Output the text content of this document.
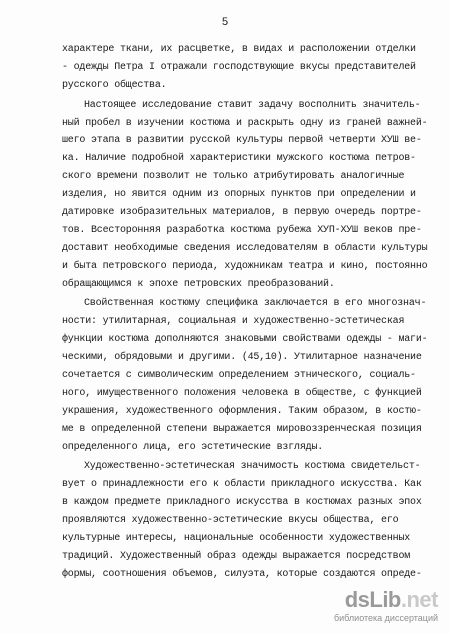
5
характере ткани, их расцветке, в видах и расположении отделки
- одежды Петра I отражали господствующие вкусы представителей
русского общества.
Настоящее исследование ставит задачу восполнить значитель-
ный пробел в изучении костюма и раскрыть одну из граней важней-
шего этапа в развитии русской культуры первой четверти ХУШ ве-
ка. Наличие подробной характеристики мужского костюма петров-
ского времени позволит не только атрибутировать аналогичные
изделия, но явится одним из опорных пунктов при определении и
датировке изобразительных материалов, в первую очередь портре-
тов. Всесторонняя разработка костюма рубежа ХУП-ХУШ веков пре-
доставит необходимые сведения исследователям в области культуры
и быта петровского периода, художникам театра и кино, постоянно
обращающимся к эпохе петровских преобразований.
Свойственная костюму специфика заключается в его многознач-
ности: утилитарная, социальная и художественно-эстетическая
функции костюма дополняются знаковыми свойствами одежды - маги-
ческими, обрядовыми и другими. (45,10). Утилитарное назначение
сочетается с символическим определением этнического, социаль-
ного, имущественного положения человека в обществе, с функцией
украшения, художественного оформления. Таким образом, в костю-
ме в определенной степени выражается мировоззренческая позиция
определенного лица, его эстетические взгляды.
Художественно-эстетическая значимость костюма свидетельст-
вует о принадлежности его к области прикладного искусства. Как
в каждом предмете прикладного искусства в костюмах разных эпох
проявляются художественно-эстетические вкусы общества, его
культурные интересы, национальные особенности художественных
традиций. Художественный образ одежды выражается посредством
формы, соотношения объемов, силуэта, которые создаются опреде-
dsLib.net
библиотека диссертаций
